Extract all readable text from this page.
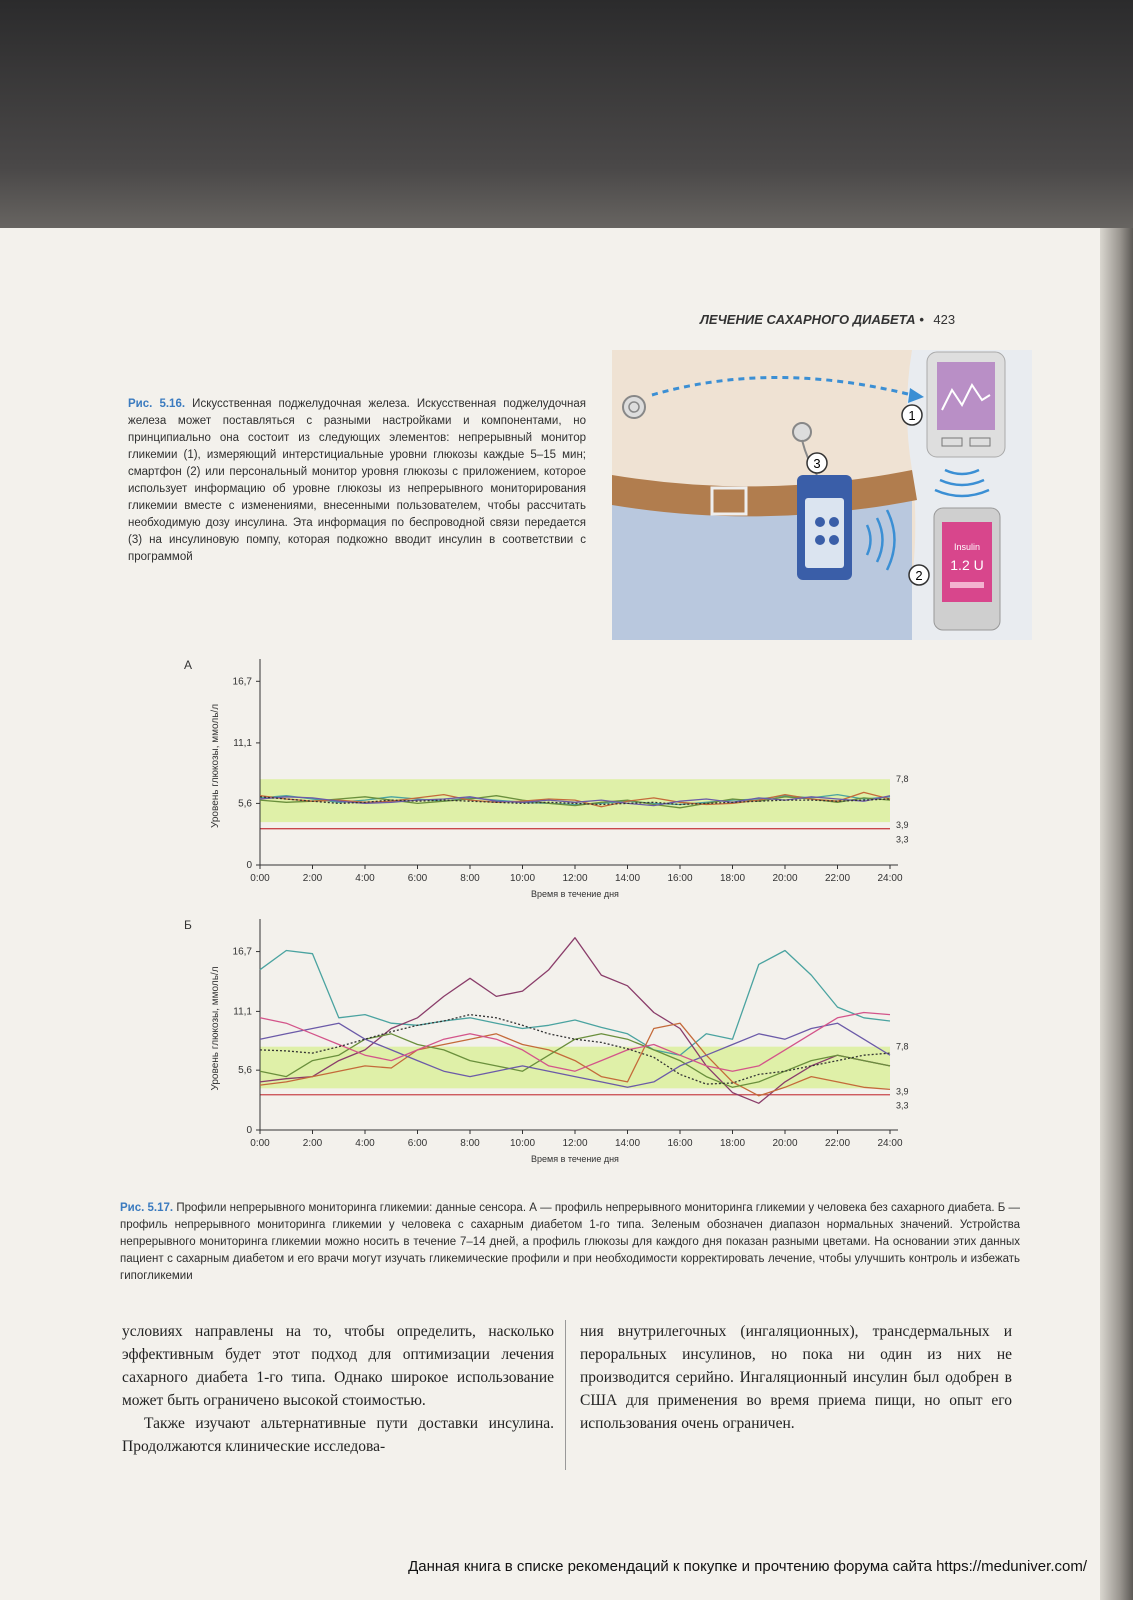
ЛЕЧЕНИЕ САХАРНОГО ДИАБЕТА • 423
Рис. 5.16. Искусственная поджелудочная железа. Искусственная поджелудочная железа может поставляться с разными настройками и компонентами, но принципиально она состоит из следующих элементов: непрерывный монитор гликемии (1), измеряющий интерстициальные уровни глюкозы каждые 5–15 мин; смартфон (2) или персональный монитор уровня глюкозы с приложением, которое использует информацию об уровне глюкозы из непрерывного мониторирования гликемии вместе с изменениями, внесенными пользователем, чтобы рассчитать необходимую дозу инсулина. Эта информация по беспроводной связи передается (3) на инсулиновую помпу, которая подкожно вводит инсулин в соответствии с программой
Insulin
1.2 U
1
2
3
А
0
5,6
11,1
16,7
0:00	2:00	4:00	6:00	8:00	10:00	12:00	14:00	16:00	18:00	20:00	22:00	24:00
Время в течение дня
Уровень глюкозы, ммоль/л	7,8
3,9
3,3
Б
0
5,6
11,1
16,7
0:00	2:00	4:00	6:00	8:00	10:00	12:00	14:00	16:00	18:00	20:00	22:00	24:00
Время в течение дня
Уровень глюкозы, ммоль/л	7,8
3,9
3,3
Рис. 5.17. Профили непрерывного мониторинга гликемии: данные сенсора. А — профиль непрерывного мониторинга гликемии у человека без сахарного диабета. Б — профиль непрерывного мониторинга гликемии у человека с сахарным диабетом 1-го типа. Зеленым обозначен диапазон нормальных значений. Устройства непрерывного мониторинга гликемии можно носить в течение 7–14 дней, а профиль глюкозы для каждого дня показан разными цветами. На основании этих данных пациент с сахарным диабетом и его врачи могут изучать гликемические профили и при необходимости корректировать лечение, чтобы улучшить контроль и избежать гипогликемии

условиях направлены на то, чтобы определить, насколько эффективным будет этот подход для оптимизации лечения сахарного диабета 1-го типа. Однако широкое использование может быть ограничено высокой стоимостью.

Также изучают альтернативные пути доставки инсулина. Продолжаются клинические исследова-

ния внутрилегочных (ингаляционных), трансдермальных и пероральных инсулинов, но пока ни один из них не производится серийно. Ингаляционный инсулин был одобрен в США для применения во время приема пищи, но опыт его использования очень ограничен.

Данная книга в списке рекомендаций к покупке и прочтению форума сайта https://meduniver.com/
